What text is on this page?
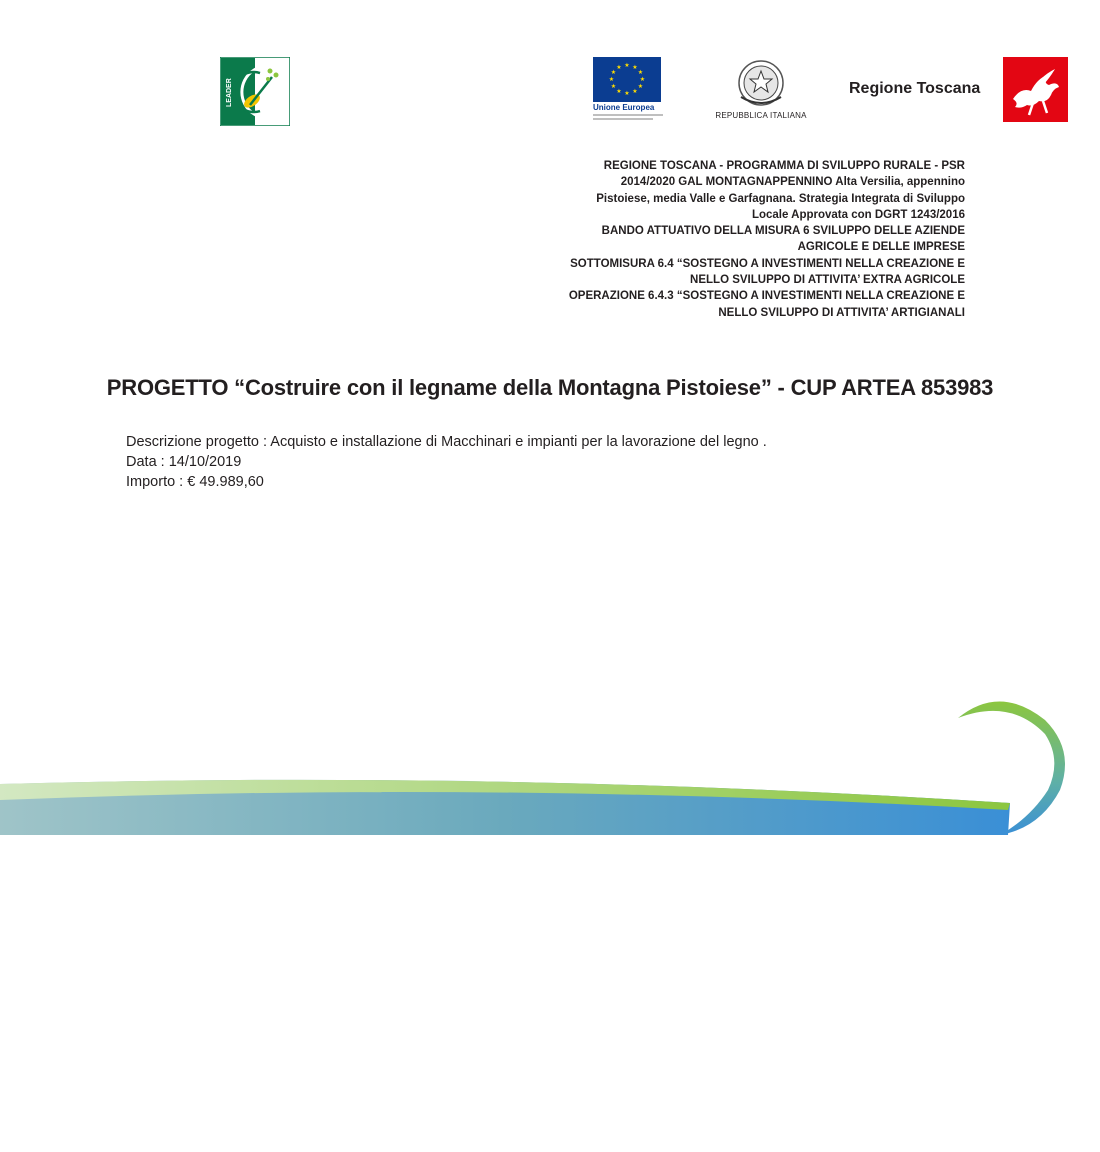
LEADER
★ ★
★
★
★
★
★
★
★
★
★
★
Unione Europea
REPUBBLICA ITALIANA
Regione Toscana
REGIONE TOSCANA - PROGRAMMA DI SVILUPPO RURALE - PSR
2014/2020 GAL MONTAGNAPPENNINO Alta Versilia, appennino
Pistoiese, media Valle e Garfagnana. Strategia Integrata di Sviluppo
Locale Approvata con DGRT 1243/2016
BANDO ATTUATIVO DELLA MISURA 6 SVILUPPO DELLE AZIENDE
AGRICOLE E DELLE IMPRESE
SOTTOMISURA 6.4 “SOSTEGNO A INVESTIMENTI NELLA CREAZIONE E
NELLO SVILUPPO DI ATTIVITA’ EXTRA AGRICOLE
OPERAZIONE 6.4.3 “SOSTEGNO A INVESTIMENTI NELLA CREAZIONE E
NELLO SVILUPPO DI ATTIVITA’ ARTIGIANALI
PROGETTO “Costruire con il legname della Montagna Pistoiese” - CUP ARTEA 853983
Descrizione progetto : Acquisto e installazione di Macchinari e impianti per la lavorazione del legno .
Data : 14/10/2019
Importo : € 49.989,60
